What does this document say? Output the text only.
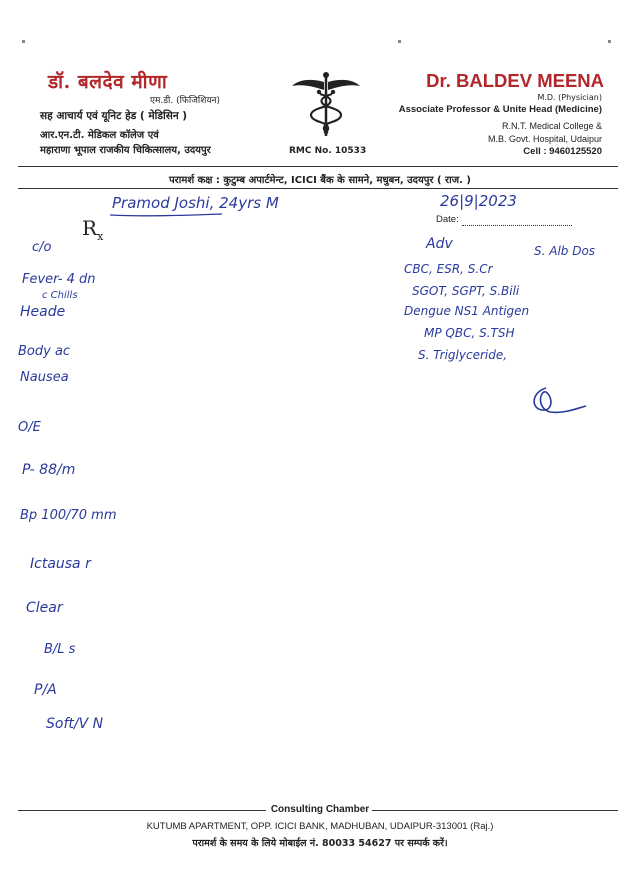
डॉ. बलदेव मीणा
एम.डी. (फिजिशियन)
सह आचार्य एवं यूनिट हेड ( मेडिसिन )
आर.एन.टी. मेडिकल कॉलेज एवं
महाराणा भूपाल राजकीय चिकित्सालय, उदयपुर	RMC No. 10533
Dr. BALDEV MEENA
M.D. (Physician)
Associate Professor & Unite Head (Medicine)
R.N.T. Medical College &
M.B. Govt. Hospital, Udaipur
Cell : 9460125520
परामर्श कक्ष : कुटुम्ब अपार्टमेन्ट, ICICI बैंक के सामने, मधुबन, उदयपुर ( राज. )
$R_x$
Date:
Pramod Joshi, 24yrs M	26|9|2023
c/o
Fever- 4 dn
c Chills
Heade
Body ac
Nausea
O/E
P- 88/m
Bp 100/70 mm
Ictausa r
Clear
B/L s
P/A
Soft/V N
Adv	S. Alb Dos
CBC, ESR, S.Cr
SGOT, SGPT, S.Bili
Dengue NS1 Antigen
MP QBC, S.TSH
S. Triglyceride,
Consulting Chamber
KUTUMB APARTMENT, OPP. ICICI BANK, MADHUBAN, UDAIPUR-313001 (Raj.)
परामर्श के समय के लिये मोबाईल नं. 80033 54627 पर सम्पर्क करें।
